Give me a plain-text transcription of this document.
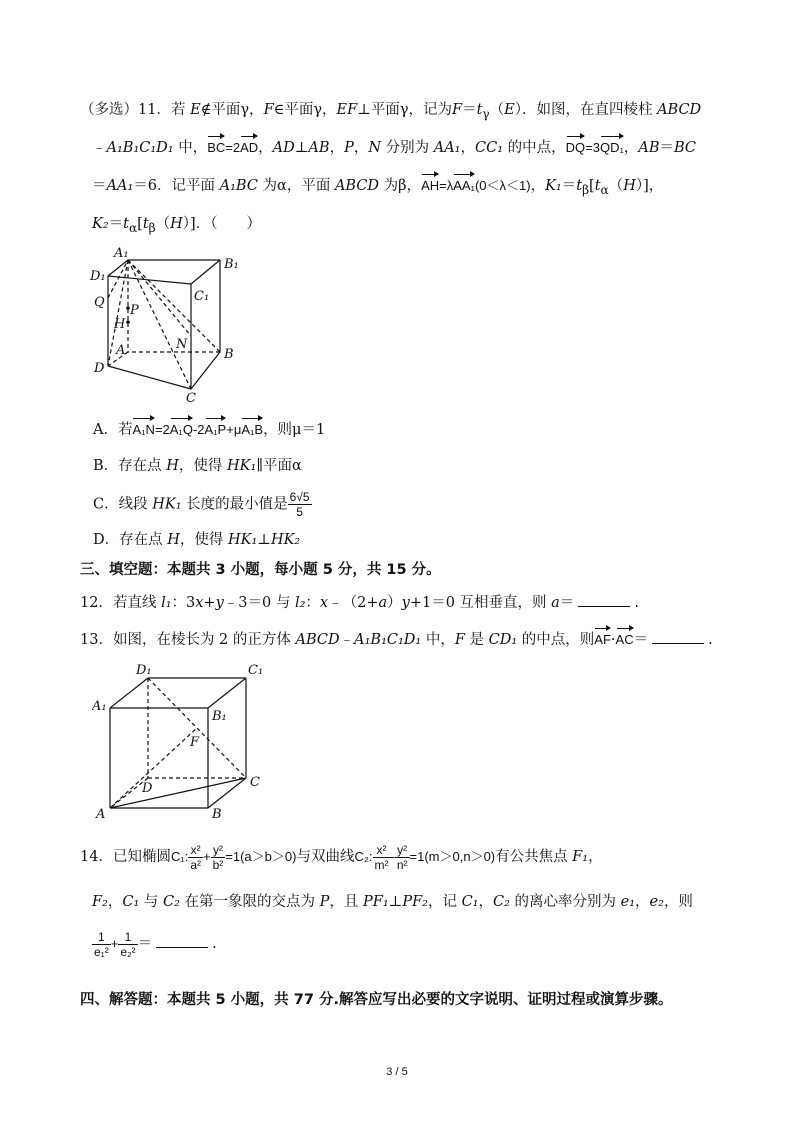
（多选）11．若 E∉平面γ，F∈平面γ，EF⊥平面γ，记为$F=t_\gamma(E)$．如图，在直四棱柱 ABCD
﹣A₁B₁C₁D₁ 中，BC=2AD，AD⊥AB，P，N 分别为 AA₁，CC₁ 的中点，DQ=3QD₁，AB＝BC
＝AA₁＝6．记平面 A₁BC 为α，平面 ABCD 为β，AH=λAA₁(0＜λ＜1)，$K_1=t_\beta[t_\alpha(H)]$，
$K_2=t_\alpha[t_\beta(H)]$．（　　）
A₁
B₁
D₁
C₁
Q
P
H
N
A	B
D
C
A．若A₁N=2A₁Q-2A₁P+μA₁B，则μ＝1
B．存在点 H，使得 HK₁∥平面α
C．线段 HK₁ 长度的最小值是 $\frac{6√5}{5}$
D．存在点 H，使得 HK₁⊥HK₂
三、填空题：本题共 3 小题，每小题 5 分，共 15 分。
12．若直线 l₁：3x+y﹣3＝0 与 l₂：x﹣（2+a）y+1＝0 互相垂直，则 a＝	.
13．如图，在棱长为 2 的正方体 ABCD﹣A₁B₁C₁D₁ 中，F 是 CD₁ 的中点，则AF·AC＝	.
D₁	C₁
A₁
B₁
F
D	C
A	B
14．已知椭圆C₁: $\frac{\text{x²}}{\text{a²}} + \frac{\text{y²}}{\text{b²}} =1(a>b>0)$与双曲线C₂: $\frac{\text{x²}}{\text{m²}} - \frac{\text{y²}}{\text{n²}} =1(m>0,n>0)$有公共焦点 F₁，
F₂，C₁ 与 C₂ 在第一象限的交点为 P，且 PF₁⊥PF₂，记 C₁，C₂ 的离心率分别为 e₁，e₂，则
$\frac{1}{\text{e₁²}} + \frac{1}{\text{e₂²}}$ ＝	.
四、解答题：本题共 5 小题，共 77 分.解答应写出必要的文字说明、证明过程或演算步骤。
3 / 5
